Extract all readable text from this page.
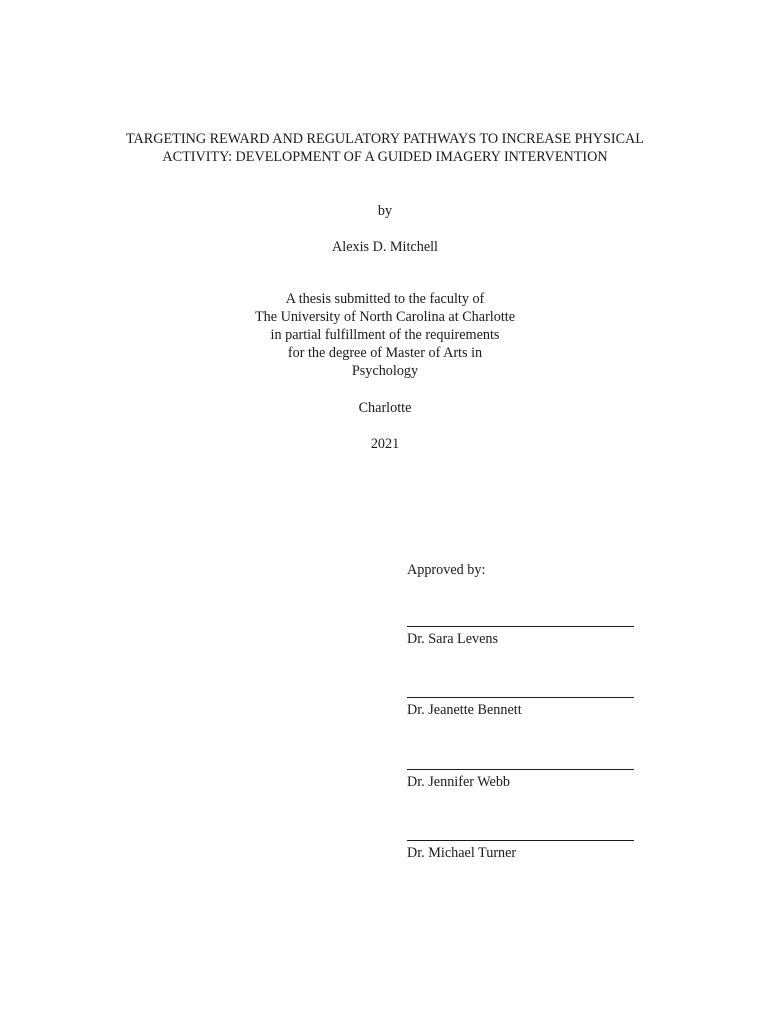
TARGETING REWARD AND REGULATORY PATHWAYS TO INCREASE PHYSICAL
ACTIVITY: DEVELOPMENT OF A GUIDED IMAGERY INTERVENTION
by
Alexis D. Mitchell
A thesis submitted to the faculty of
The University of North Carolina at Charlotte
in partial fulfillment of the requirements
for the degree of Master of Arts in
Psychology
Charlotte
2021
Approved by:
Dr. Sara Levens
Dr. Jeanette Bennett
Dr. Jennifer Webb
Dr. Michael Turner
